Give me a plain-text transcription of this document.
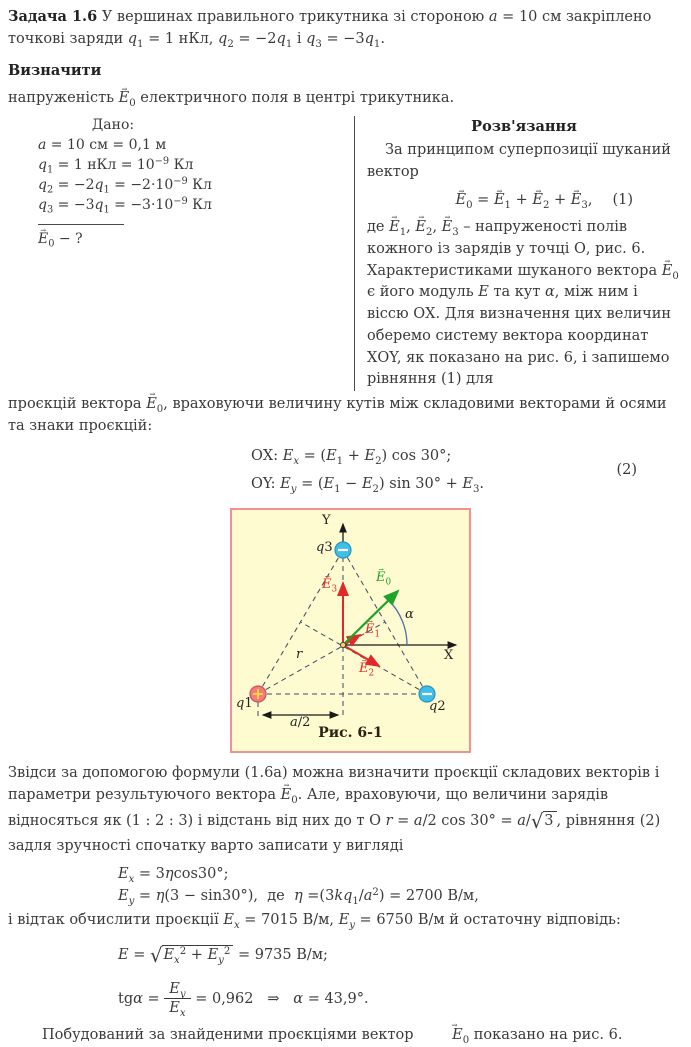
Задача 1.6 У вершинах правильного трикутника зі стороною a = 10 см закріплено точкові заряди $q_1 = 1$ нКл, $q_2 = -2q_1$ і $q_3 = -3q_1$.

Визначити

напруженість → $E_0$ електричного поля в центрі трикутника.

Дано:
a = 10 см = 0,1 м
$q_1 = 1$ нКл = $10^{-9}$ Кл
$q_2 = -2q_1 = -2\cdot 10^{-9}$ Кл
$q_3 = -3q_1 = -3\cdot 10^{-9}$ Кл
→ $E_0$ − ?
Розв'язання
За принципом суперпозиції шуканий вектор
→ $E_0$ = → $E_1$ + → $E_2$ + → $E_3$, (1)
де → $E_1$, → $E_2$, → $E_3$ – напруженості полів кожного із зарядів у точці О, рис. 6. Характеристиками шуканого вектора → $E_0$ є його модуль E та кут α, між ним і віссю ОХ. Для визначення цих величин оберемо систему вектора координат ХОY, як показано на рис. 6, і запишемо рівняння (1) для

проєкцій вектора → $E_0$, враховуючи величину кутів між складовими векторами й осями та знаки проєкцій:

ОХ: $E_x = (E_1 + E_2)$ cos 30°;
ОY: $E_y = (E_1 - E_2)$ $\sin 30^\circ + E_3$.
(2)
Y
X
q3
q1	q2
→ $E_3$
→ $E_0$
→ $E_1$
→ $E_2$
r
a/2
α
Рис. 6-1

Звідси за допомогою формули (1.6а) можна визначити проєкції складових векторів і параметри результуючого вектора → $E_0$. Але, враховуючи, що величини зарядів відносяться як (1 : 2 : 3) і відстань від них до т О r = a/2 cos 30° = a/√3 , рівняння (2) задля зручності спочатку варто записати у вигляді

$E_x = 3\eta\cos 30^\circ$;
$E_y = \eta(3 - \sin 30^\circ)$,  де  $\eta =(3kq_1/a^2) = 2700$ В/м,

і відтак обчислити проєкції $E_x = 7015$ В/м, $E_y = 6750$ В/м й остаточну відповідь:

$E = √E_x^2 + E_y^2 = 9735$ В/м;
$tg\alpha = \frac{E_y}{E_x} = 0,962$   ⇒   α = 43,9°.

Побудований за знайденими проєкціями вектор → $E_0$ показано на рис. 6.
